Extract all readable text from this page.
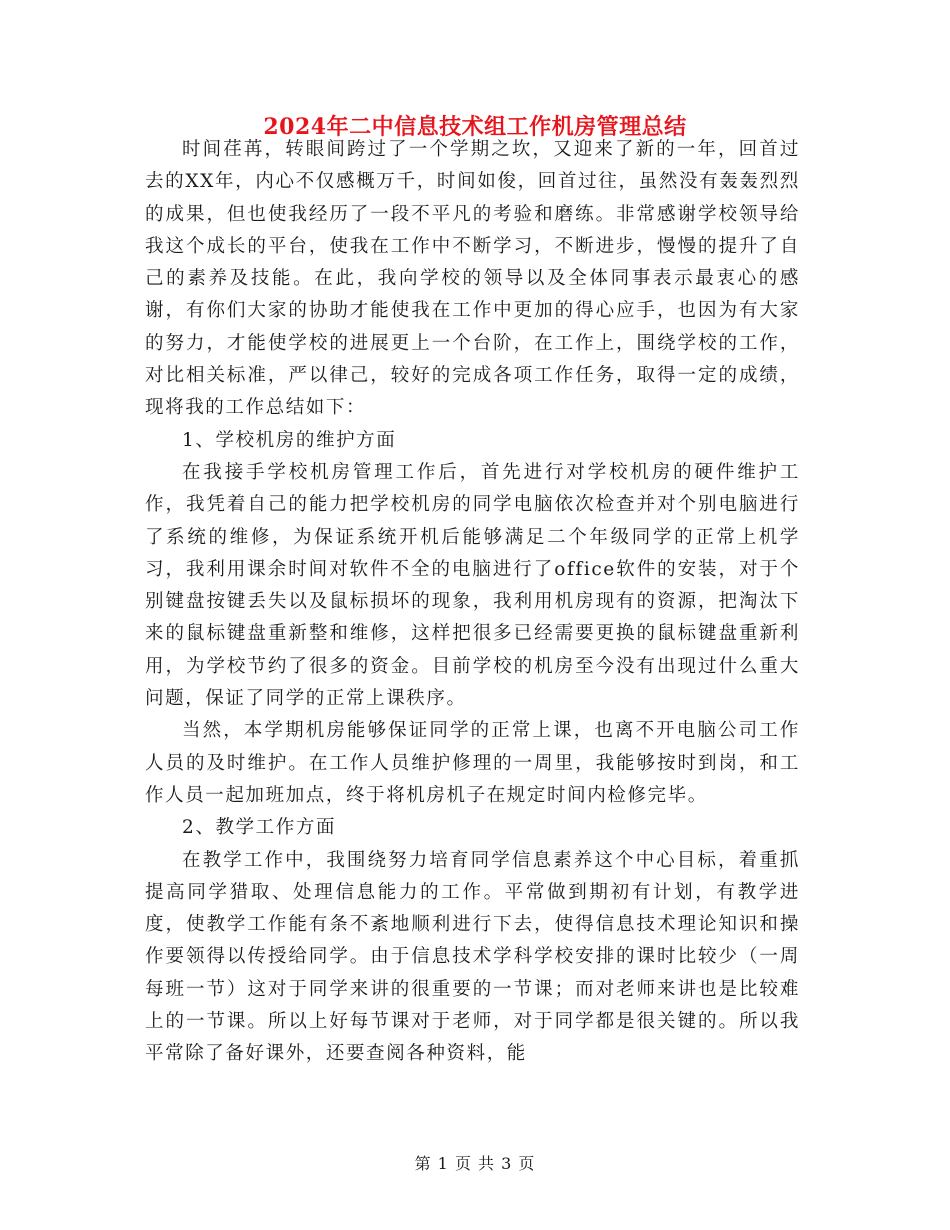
2024年二中信息技术组工作机房管理总结

时间荏苒，转眼间跨过了一个学期之坎，又迎来了新的一年，回首过去的XX年，内心不仅感概万千，时间如俊，回首过往，虽然没有轰轰烈烈的成果，但也使我经历了一段不平凡的考验和磨练。非常感谢学校领导给我这个成长的平台，使我在工作中不断学习，不断进步，慢慢的提升了自己的素养及技能。在此，我向学校的领导以及全体同事表示最衷心的感谢，有你们大家的协助才能使我在工作中更加的得心应手，也因为有大家的努力，才能使学校的进展更上一个台阶，在工作上，围绕学校的工作，对比相关标准，严以律己，较好的完成各项工作任务，取得一定的成绩，现将我的工作总结如下：

1、学校机房的维护方面

在我接手学校机房管理工作后，首先进行对学校机房的硬件维护工作，我凭着自己的能力把学校机房的同学电脑依次检查并对个别电脑进行了系统的维修，为保证系统开机后能够满足二个年级同学的正常上机学习，我利用课余时间对软件不全的电脑进行了office软件的安装，对于个别键盘按键丢失以及鼠标损坏的现象，我利用机房现有的资源，把淘汰下来的鼠标键盘重新整和维修，这样把很多已经需要更换的鼠标键盘重新利用，为学校节约了很多的资金。目前学校的机房至今没有出现过什么重大问题，保证了同学的正常上课秩序。

当然，本学期机房能够保证同学的正常上课，也离不开电脑公司工作人员的及时维护。在工作人员维护修理的一周里，我能够按时到岗，和工作人员一起加班加点，终于将机房机子在规定时间内检修完毕。

2、教学工作方面

在教学工作中，我围绕努力培育同学信息素养这个中心目标，着重抓提高同学猎取、处理信息能力的工作。平常做到期初有计划，有教学进度，使教学工作能有条不紊地顺利进行下去，使得信息技术理论知识和操作要领得以传授给同学。由于信息技术学科学校安排的课时比较少（一周每班一节）这对于同学来讲的很重要的一节课；而对老师来讲也是比较难上的一节课。所以上好每节课对于老师，对于同学都是很关键的。所以我平常除了备好课外，还要查阅各种资料，能

第 1 页 共 3 页
